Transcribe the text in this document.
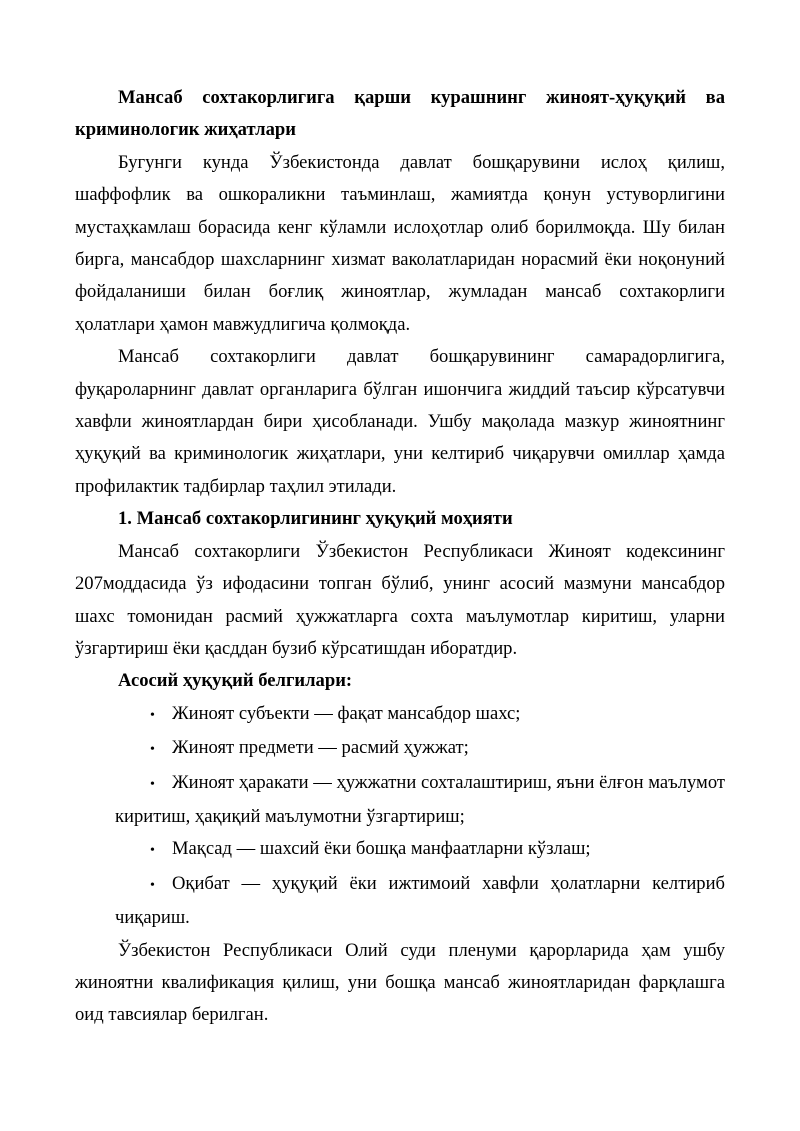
Мансаб сохтакорлигига қарши курашнинг жиноят-ҳуқуқий ва криминологик жиҳатлари

Бугунги кунда Ўзбекистонда давлат бошқарувини ислоҳ қилиш, шаффофлик ва ошкораликни таъминлаш, жамиятда қонун устуворлигини мустаҳкамлаш борасида кенг кўламли ислоҳотлар олиб борилмоқда. Шу билан бирга, мансабдор шахсларнинг хизмат ваколатларидан норасмий ёки ноқонуний фойдаланиши билан боғлиқ жиноятлар, жумладан мансаб сохтакорлиги ҳолатлари ҳамон мавжудлигича қолмоқда.

Мансаб сохтакорлиги давлат бошқарувининг самарадорлигига, фуқароларнинг давлат органларига бўлган ишончига жиддий таъсир кўрсатувчи хавфли жиноятлардан бири ҳисобланади. Ушбу мақолада мазкур жиноятнинг ҳуқуқий ва криминологик жиҳатлари, уни келтириб чиқарувчи омиллар ҳамда профилактик тадбирлар таҳлил этилади.

1. Мансаб сохтакорлигининг ҳуқуқий моҳияти

Мансаб сохтакорлиги Ўзбекистон Республикаси Жиноят кодексининг 207моддасида ўз ифодасини топган бўлиб, унинг асосий мазмуни мансабдор шахс томонидан расмий ҳужжатларга сохта маълумотлар киритиш, уларни ўзгартириш ёки қасддан бузиб кўрсатишдан иборатдир.

Асосий ҳуқуқий белгилари:

• Жиноят субъекти — фақат мансабдор шахс;
• Жиноят предмети — расмий ҳужжат;
• Жиноят ҳаракати — ҳужжатни сохталаштириш, яъни ёлғон маълумот киритиш, ҳақиқий маълумотни ўзгартириш;
• Мақсад — шахсий ёки бошқа манфаатларни кўзлаш;
• Оқибат — ҳуқуқий ёки ижтимоий хавфли ҳолатларни келтириб чиқариш.

Ўзбекистон Республикаси Олий суди пленуми қарорларида ҳам ушбу жиноятни квалификация қилиш, уни бошқа мансаб жиноятларидан фарқлашга оид тавсиялар берилган.
